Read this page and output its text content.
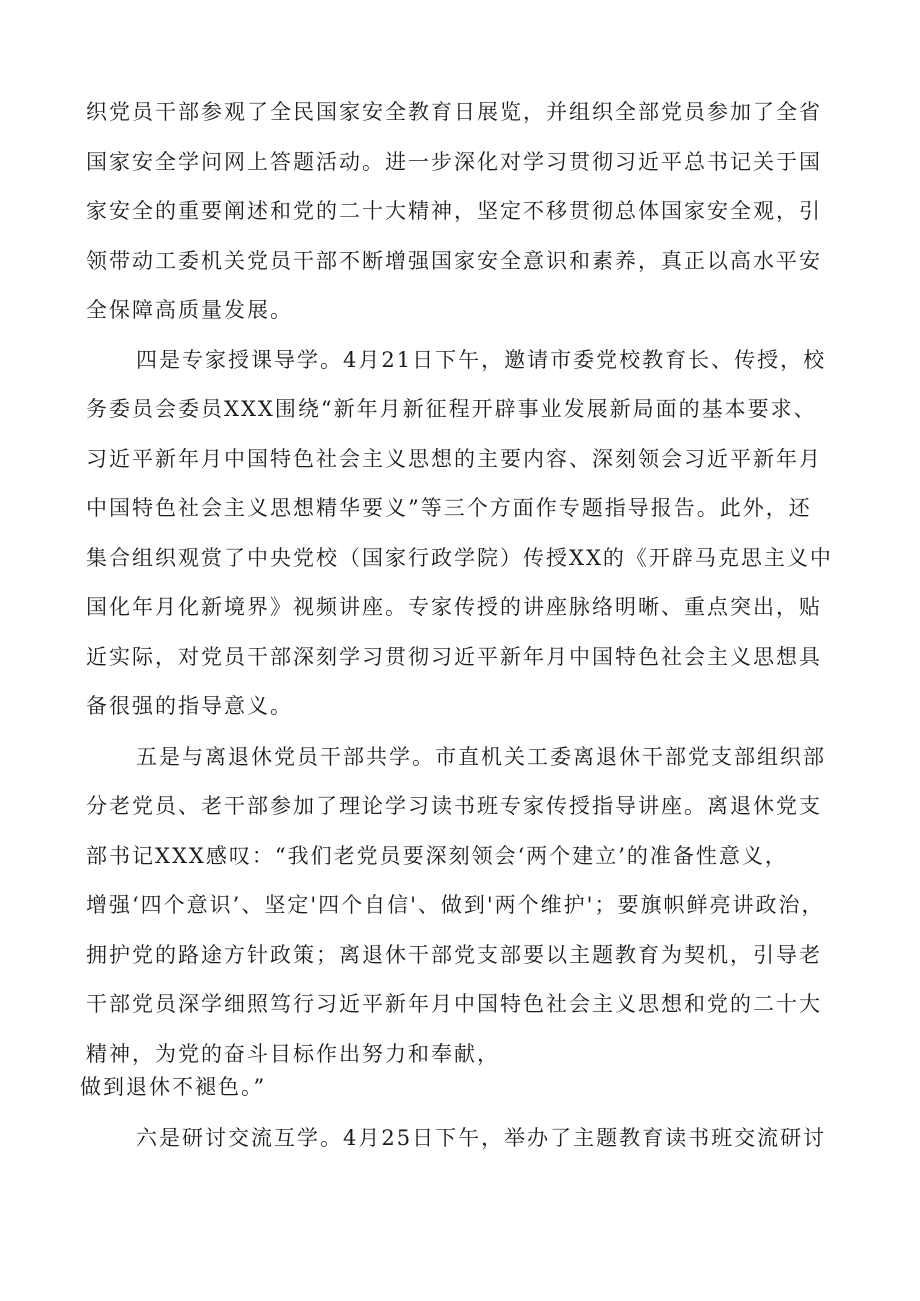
织党员干部参观了全民国家安全教育日展览，并组织全部党员参加了全省
国家安全学问网上答题活动。进一步深化对学习贯彻习近平总书记关于国
家安全的重要阐述和党的二十大精神，坚定不移贯彻总体国家安全观，引
领带动工委机关党员干部不断增强国家安全意识和素养，真正以高水平安
全保障高质量发展。
四是专家授课导学。4月21日下午，邀请市委党校教育长、传授，校
务委员会委员XXX围绕“新年月新征程开辟事业发展新局面的基本要求、
习近平新年月中国特色社会主义思想的主要内容、深刻领会习近平新年月
中国特色社会主义思想精华要义”等三个方面作专题指导报告。此外，还
集合组织观赏了中央党校（国家行政学院）传授XX的《开辟马克思主义中
国化年月化新境界》视频讲座。专家传授的讲座脉络明晰、重点突出，贴
近实际，对党员干部深刻学习贯彻习近平新年月中国特色社会主义思想具
备很强的指导意义。
五是与离退休党员干部共学。市直机关工委离退休干部党支部组织部
分老党员、老干部参加了理论学习读书班专家传授指导讲座。离退休党支
部书记XXX感叹：“我们老党员要深刻领会‘两个建立’的准备性意义，
增强‘四个意识’、坚定'四个自信'、做到'两个维护'；要旗帜鲜亮讲政治，
拥护党的路途方针政策；离退休干部党支部要以主题教育为契机，引导老
干部党员深学细照笃行习近平新年月中国特色社会主义思想和党的二十大
精神，为党的奋斗目标作出努力和奉献，
做到退休不褪色。”
六是研讨交流互学。4月25日下午，举办了主题教育读书班交流研讨
